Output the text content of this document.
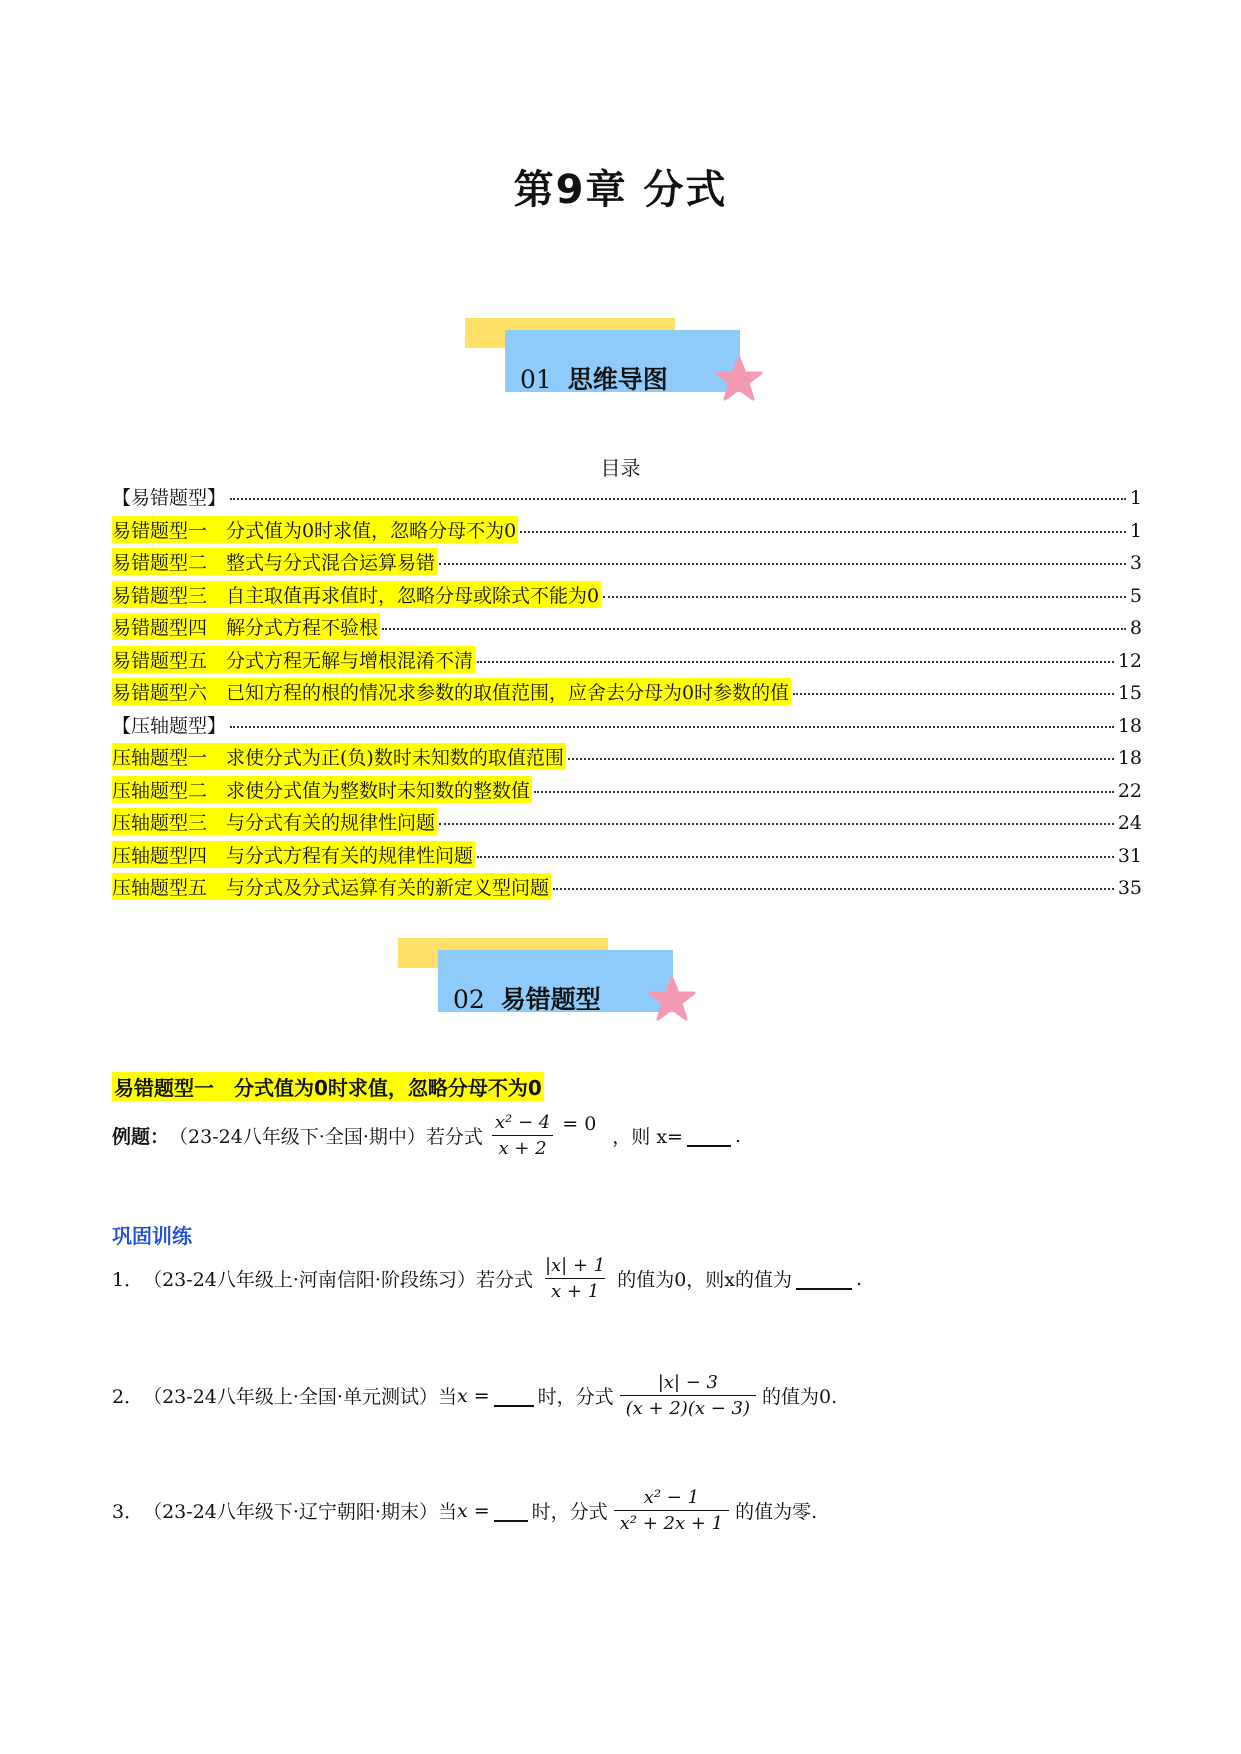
第9章 分式
01 思维导图
目录
【易错题型】	1
易错题型一　分式值为0时求值，忽略分母不为0	1
易错题型二　整式与分式混合运算易错	3
易错题型三　自主取值再求值时，忽略分母或除式不能为0	5
易错题型四　解分式方程不验根	8
易错题型五　分式方程无解与增根混淆不清	12
易错题型六　已知方程的根的情况求参数的取值范围，应舍去分母为0时参数的值	15
【压轴题型】	18
压轴题型一　求使分式为正(负)数时未知数的取值范围	18
压轴题型二　求使分式值为整数时未知数的整数值	22
压轴题型三　与分式有关的规律性问题	24
压轴题型四　与分式方程有关的规律性问题	31
压轴题型五　与分式及分式运算有关的新定义型问题	35
02 易错题型
易错题型一　分式值为0时求值，忽略分母不为0
例题： （23-24八年级下·全国·期中）若分式 $\frac{\text{x² − 4}}{x + 2} = 0$
，则 x=	.
巩固训练
1． （23-24八年级上·河南信阳·阶段练习）若分式 $\frac{|x| + 1}{x + 1}$ 的值为0，则x的值为	.
2． （23-24八年级上·全国·单元测试）当 x =	时，分式 $\frac{|x| - 3}{(x + 2)(x - 3)}$ 的值为0.
3． （23-24八年级下·辽宁朝阳·期末）当 x = 时，分式 $\frac{\text{x² − 1}}{\text{x² + 2x + 1}}$ 的值为零.
